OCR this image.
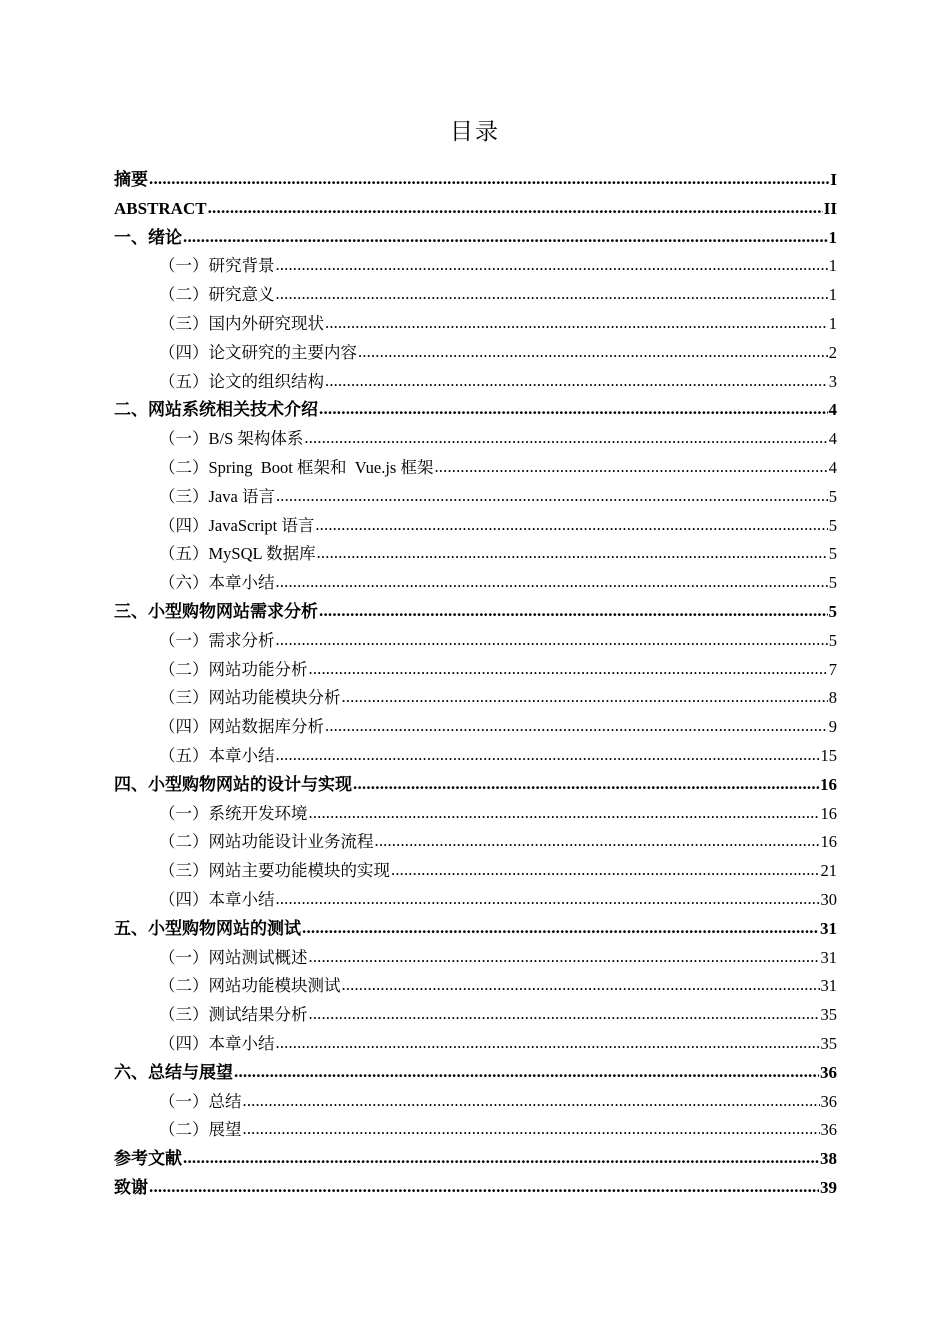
目录
摘要 .....	I
ABSTRACT .....	II
一、 绪论 .....	1
（一） 研究背景 .....	1
（二） 研究意义 .....	1
（三） 国内外研究现状 .....	1
（四） 论文研究的主要内容 .....	2
（五） 论文的组织结构 .....	3
二、 网站系统相关技术介绍 .....	4
（一） B/S 架构体系 .....	4
（二） Spring  Boot 框架和  Vue.js 框架 .....	4
（三） Java 语言 .....	5
（四） JavaScript 语言 .....	5
（五） MySQL 数据库 .....	5
（六） 本章小结 .....	5
三、 小型购物网站需求分析 .....	5
（一） 需求分析 .....	5
（二） 网站功能分析 .....	7
（三） 网站功能模块分析 .....	8
（四） 网站数据库分析 .....	9
（五） 本章小结 .....	15
四、 小型购物网站的设计与实现 .....	16
（一） 系统开发环境 .....	16
（二） 网站功能设计业务流程 .....	16
（三） 网站主要功能模块的实现 .....	21
（四） 本章小结 .....	30
五、 小型购物网站的测试 .....	31
（一） 网站测试概述 .....	31
（二） 网站功能模块测试 .....	31
（三） 测试结果分析 .....	35
（四） 本章小结 .....	35
六、 总结与展望 .....	36
（一） 总结 .....	36
（二） 展望 .....	36
参考文献 .....	38
致谢 .....	39
